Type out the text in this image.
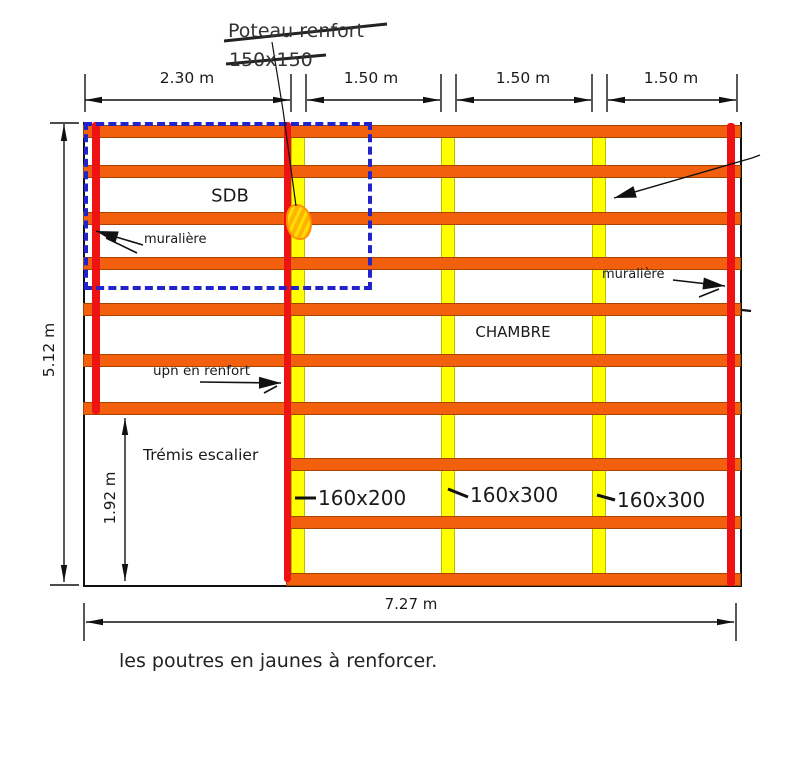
Poteau renfort
150x150
2.30 m	1.50 m	1.50 m	1.50 m
5.12 m
1.92 m
7.27 m
SDB
CHAMBRE
Trémis escalier
muralière
muralière
upn en renfort
160x200	160x300	160x300
les poutres en jaunes à renforcer.
